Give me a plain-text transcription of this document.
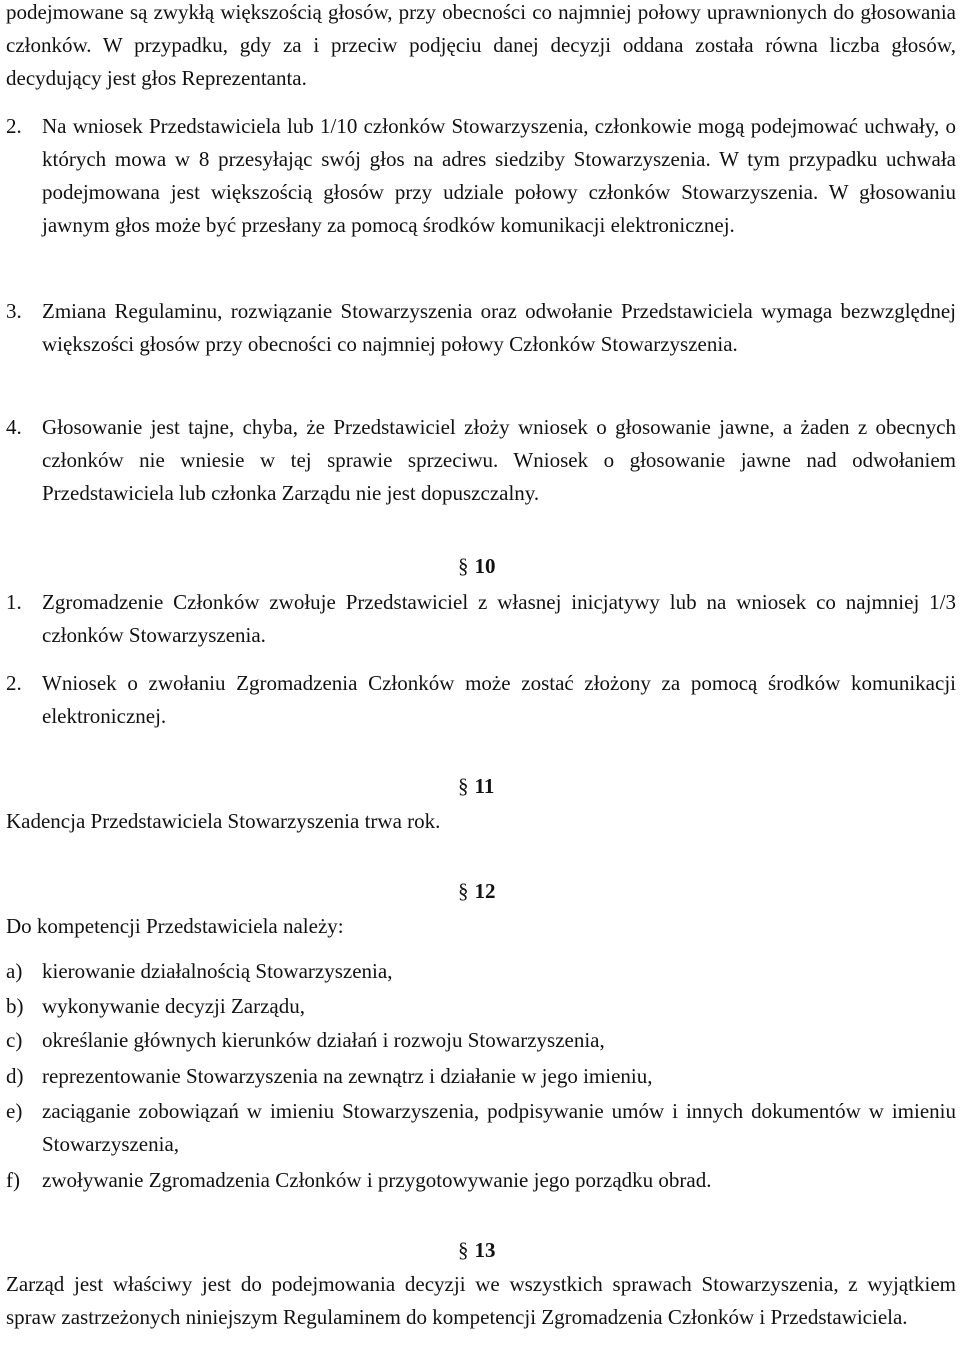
podejmowane są zwykłą większością głosów, przy obecności co najmniej połowy uprawnionych do głosowania członków. W przypadku, gdy za i przeciw podjęciu danej decyzji oddana została równa liczba głosów, decydujący jest głos Reprezentanta.

2. Na wniosek Przedstawiciela lub 1/10 członków Stowarzyszenia, członkowie mogą podejmować uchwały, o których mowa w 8 przesyłając swój głos na adres siedziby Stowarzyszenia. W tym przypadku uchwała podejmowana jest większością głosów przy udziale połowy członków Stowarzyszenia. W głosowaniu jawnym głos może być przesłany za pomocą środków komunikacji elektronicznej.

3. Zmiana Regulaminu, rozwiązanie Stowarzyszenia oraz odwołanie Przedstawiciela wymaga bezwzględnej większości głosów przy obecności co najmniej połowy Członków Stowarzyszenia.

4. Głosowanie jest tajne, chyba, że Przedstawiciel złoży wniosek o głosowanie jawne, a żaden z obecnych członków nie wniesie w tej sprawie sprzeciwu. Wniosek o głosowanie jawne nad odwołaniem Przedstawiciela lub członka Zarządu nie jest dopuszczalny.

§ 10

1. Zgromadzenie Członków zwołuje Przedstawiciel z własnej inicjatywy lub na wniosek co najmniej 1/3 członków Stowarzyszenia.

2. Wniosek o zwołaniu Zgromadzenia Członków może zostać złożony za pomocą środków komunikacji elektronicznej.

§ 11

Kadencja Przedstawiciela Stowarzyszenia trwa rok.

§ 12

Do kompetencji Przedstawiciela należy:

a) kierowanie działalnością Stowarzyszenia,

b) wykonywanie decyzji Zarządu,

c) określanie głównych kierunków działań i rozwoju Stowarzyszenia,

d) reprezentowanie Stowarzyszenia na zewnątrz i działanie w jego imieniu,

e) zaciąganie zobowiązań w imieniu Stowarzyszenia, podpisywanie umów i innych dokumentów w imieniu Stowarzyszenia,

f) zwoływanie Zgromadzenia Członków i przygotowywanie jego porządku obrad.

§ 13

Zarząd jest właściwy jest do podejmowania decyzji we wszystkich sprawach Stowarzyszenia, z wyjątkiem spraw zastrzeżonych niniejszym Regulaminem do kompetencji Zgromadzenia Członków i Przedstawiciela.
